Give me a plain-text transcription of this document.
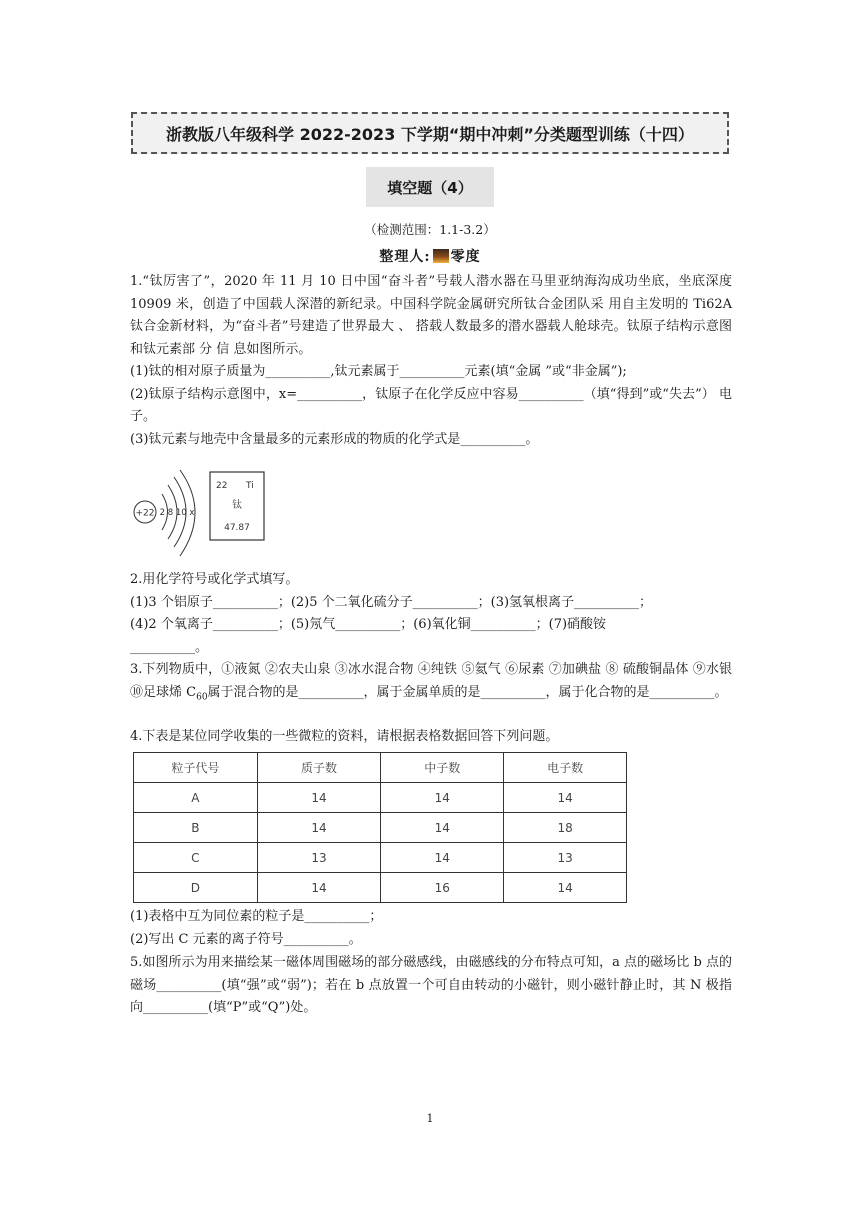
浙教版八年级科学 2022-2023 下学期“期中冲刺”分类题型训练（十四）
填空题（4）
（检测范围：1.1-3.2）
整理人: 零度

1.“钛厉害了”，2020 年 11 月 10 日中国“奋斗者”号载人潜水器在马里亚纳海沟成功坐底，坐底深度 10909 米，创造了中国载人深潜的新纪录。中国科学院金属研究所钛合金团队采 用自主发明的 Ti62A 钛合金新材料，为“奋斗者”号建造了世界最大 、 搭载人数最多的潜水器载人舱球壳。钛原子结构示意图和钛元素部 分 信 息如图所示。

(1)钛的相对原子质量为__________,钛元素属于__________元素(填“金属 ”或“非金属”);

(2)钛原子结构示意图中，x=__________，钛原子在化学反应中容易__________（填“得到”或“失去”） 电子。

(3)钛元素与地壳中含量最多的元素形成的物质的化学式是__________。

+22 2 8 10 x
22 Ti
钛
47.87

2.用化学符号或化学式填写。

(1)3 个铝原子__________；(2)5 个二氧化硫分子__________；(3)氢氧根离子__________；

(4)2 个氧离子__________；(5)氖气__________；(6)氧化铜__________；(7)硝酸铵

__________。

3.下列物质中，①液氮 ②农夫山泉 ③冰水混合物 ④纯铁 ⑤氦气 ⑥尿素 ⑦加碘盐 ⑧ 硫酸铜晶体 ⑨水银 ⑩足球烯 $C_{60}$属于混合物的是__________，属于金属单质的是__________，属于化合物的是__________。

4.下表是某位同学收集的一些微粒的资料，请根据表格数据回答下列问题。

粒子代号	质子数	中子数	电子数
A	14	14	14
B	14	14	18
C	13	14	13
D	14	16	14

(1)表格中互为同位素的粒子是__________；

(2)写出 C 元素的离子符号__________。

5.如图所示为用来描绘某一磁体周围磁场的部分磁感线，由磁感线的分布特点可知，a 点的磁场比 b 点的磁场__________(填“强”或“弱”)；若在 b 点放置一个可自由转动的小磁针，则小磁针静止时，其 N 极指向__________(填“P”或“Q”)处。

1
